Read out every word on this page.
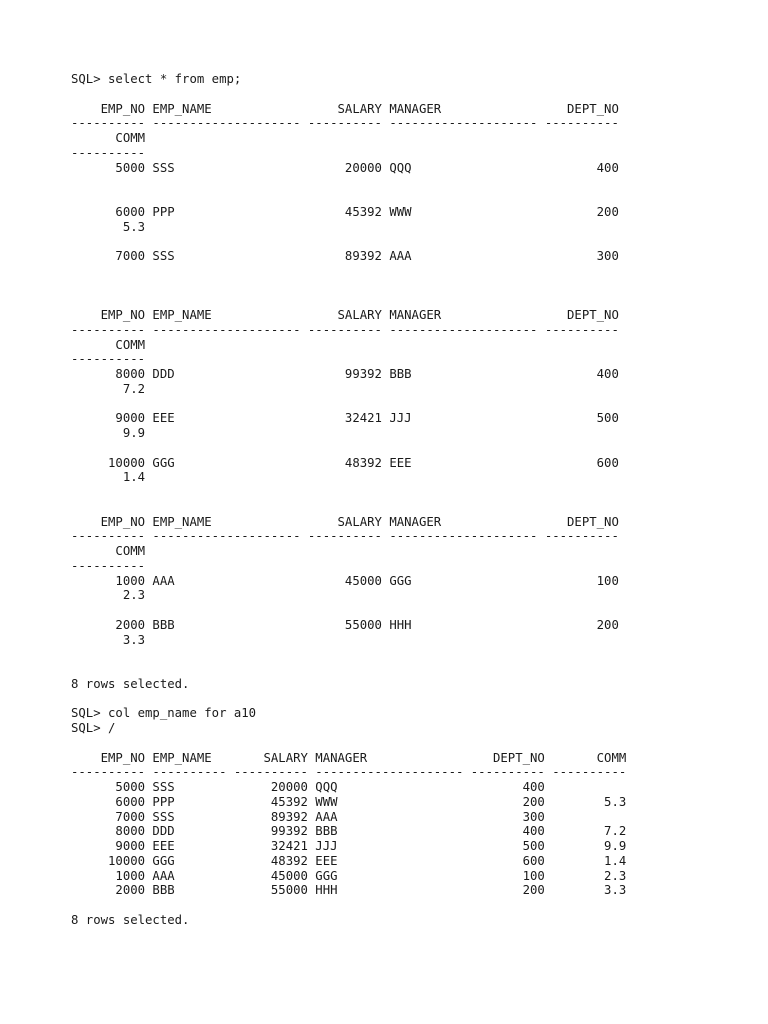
SQL> select * from emp;
EMP_NO EMP_NAME                 SALARY MANAGER                 DEPT_NO
---------- -------------------- ---------- -------------------- ----------
COMM
----------
5000 SSS                       20000 QQQ                         400
6000 PPP                       45392 WWW                         200
5.3
7000 SSS                       89392 AAA                         300
EMP_NO EMP_NAME                 SALARY MANAGER                 DEPT_NO
---------- -------------------- ---------- -------------------- ----------
COMM
----------
8000 DDD                       99392 BBB                         400
7.2
9000 EEE                       32421 JJJ                         500
9.9
10000 GGG                       48392 EEE                         600
1.4
EMP_NO EMP_NAME                 SALARY MANAGER                 DEPT_NO
---------- -------------------- ---------- -------------------- ----------
COMM
----------
1000 AAA                       45000 GGG                         100
2.3
2000 BBB                       55000 HHH                         200
3.3
8 rows selected.
SQL> col emp_name for a10
SQL> /
EMP_NO EMP_NAME       SALARY MANAGER                 DEPT_NO       COMM
---------- ---------- ---------- -------------------- ---------- ----------
5000 SSS             20000 QQQ                         400
6000 PPP             45392 WWW                         200        5.3
7000 SSS             89392 AAA                         300
8000 DDD             99392 BBB                         400        7.2
9000 EEE             32421 JJJ                         500        9.9
10000 GGG             48392 EEE                         600        1.4
1000 AAA             45000 GGG                         100        2.3
2000 BBB             55000 HHH                         200        3.3
8 rows selected.
